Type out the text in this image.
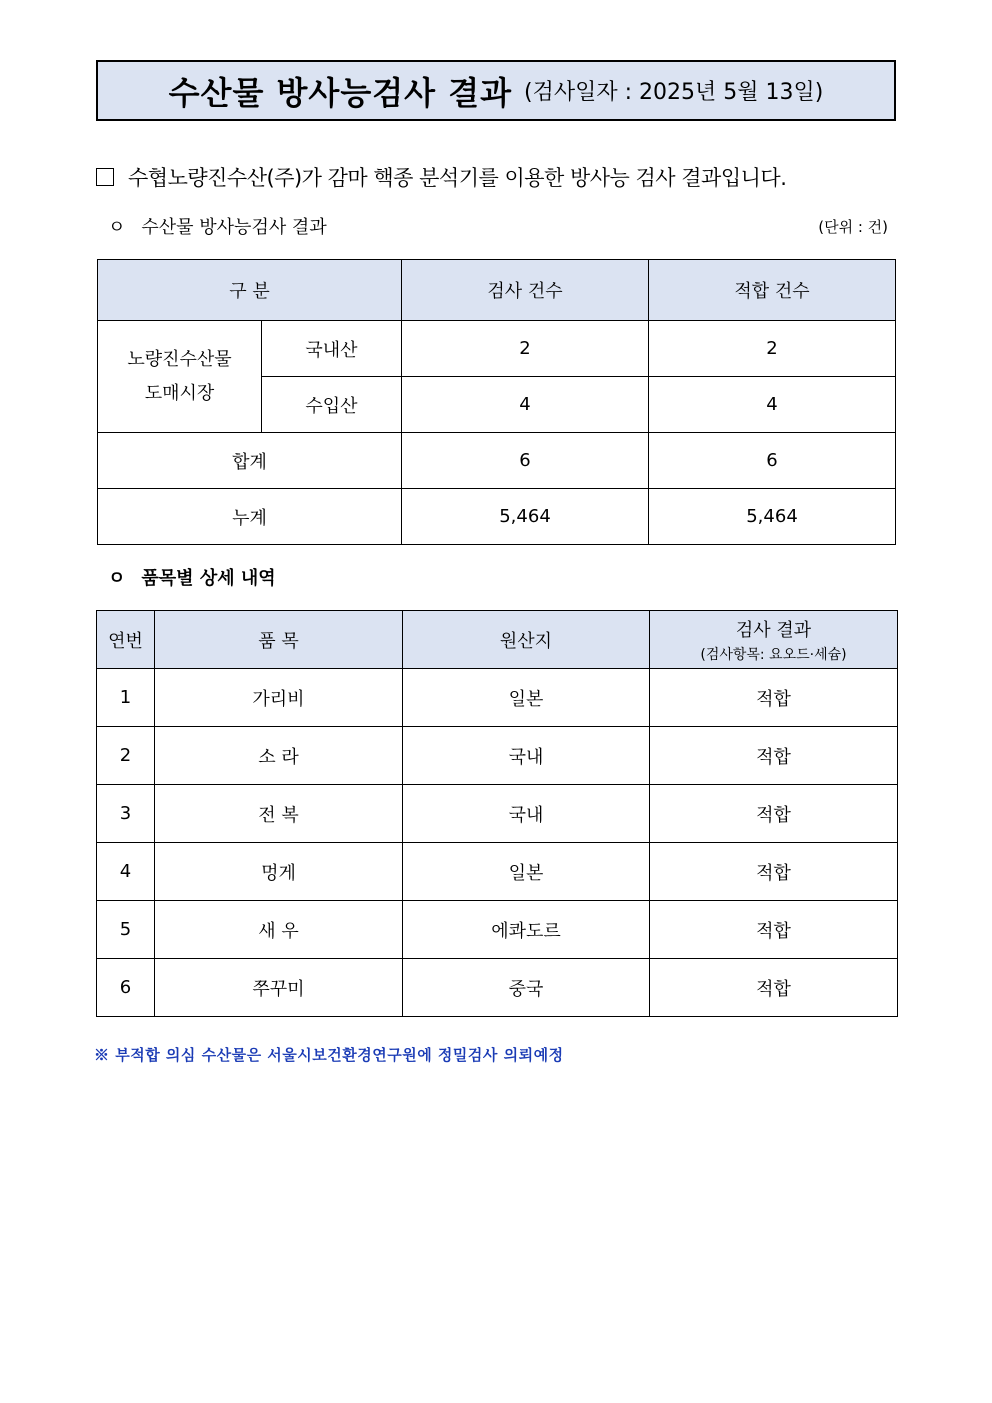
수산물 방사능검사 결과 (검사일자 : 2025년 5월 13일)
수협노량진수산(주)가 감마 핵종 분석기를 이용한 방사능 검사 결과입니다.
ㅇ 수산물 방사능검사 결과	(단위 : 건)
구 분		검사 건수	적합 건수
노량진수산물
도매시장	국내산	2	2
	수입산	4	4
합계		6	6
누계		5,464	5,464
ㅇ 품목별 상세 내역
연번	품 목	원산지	검사 결과
(검사항목: 요오드·세슘)

1	가리비	일본	적합
2	소 라	국내	적합
3	전 복	국내	적합
4	멍게	일본	적합
5	새 우	에콰도르	적합
6	쭈꾸미	중국	적합
※ 부적합 의심 수산물은 서울시보건환경연구원에 정밀검사 의뢰예정
